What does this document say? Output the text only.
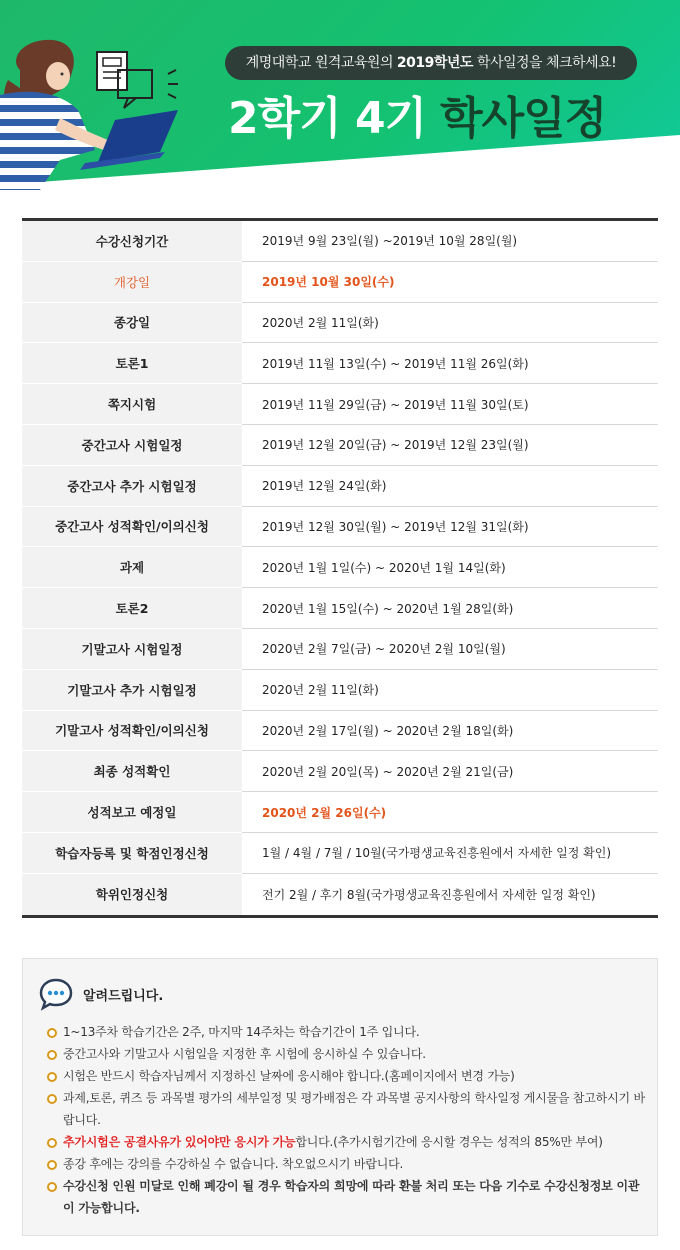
계명대학교 원격교육원의 2019학년도 학사일정을 체크하세요!
2학기 4기 학사일정
수강신청기간	2019년 9월 23일(월) ~2019년 10월 28일(월)
개강일	2019년 10월 30일(수)
종강일	2020년 2월 11일(화)
토론1	2019년 11월 13일(수) ~ 2019년 11월 26일(화)
쪽지시험	2019년 11월 29일(금) ~ 2019년 11월 30일(토)
중간고사 시험일정	2019년 12월 20일(금) ~ 2019년 12월 23일(월)
중간고사 추가 시험일정	2019년 12월 24일(화)
중간고사 성적확인/이의신청	2019년 12월 30일(월) ~ 2019년 12월 31일(화)
과제	2020년 1월 1일(수) ~ 2020년 1월 14일(화)
토론2	2020년 1월 15일(수) ~ 2020년 1월 28일(화)
기말고사 시험일정	2020년 2월 7일(금) ~ 2020년 2월 10일(월)
기말고사 추가 시험일정	2020년 2월 11일(화)
기말고사 성적확인/이의신청	2020년 2월 17일(월) ~ 2020년 2월 18일(화)
최종 성적확인	2020년 2월 20일(목) ~ 2020년 2월 21일(금)
성적보고 예정일	2020년 2월 26일(수)
학습자등록 및 학점인정신청	1월 / 4월 / 7월 / 10월(국가평생교육진흥원에서 자세한 일정 확인)
학위인정신청	전기 2월 / 후기 8월(국가평생교육진흥원에서 자세한 일정 확인)
알려드립니다.
1~13주차 학습기간은 2주, 마지막 14주차는 학습기간이 1주 입니다.
중간고사와 기말고사 시험일을 지정한 후 시험에 응시하실 수 있습니다.
시험은 반드시 학습자님께서 지정하신 날짜에 응시해야 합니다.(홈페이지에서 변경 가능)
과제,토론, 퀴즈 등 과목별 평가의 세부일정 및 평가배점은 각 과목별 공지사항의 학사일정 게시물을 참고하시기 바랍니다.
추가시험은 공결사유가 있어야만 응시가 가능합니다.(추가시험기간에 응시할 경우는 성적의 85%만 부여)
종강 후에는 강의를 수강하실 수 없습니다. 착오없으시기 바랍니다.
수강신청 인원 미달로 인해 폐강이 될 경우 학습자의 희망에 따라 환불 처리 또는 다음 기수로 수강신청정보 이관이 가능합니다.
